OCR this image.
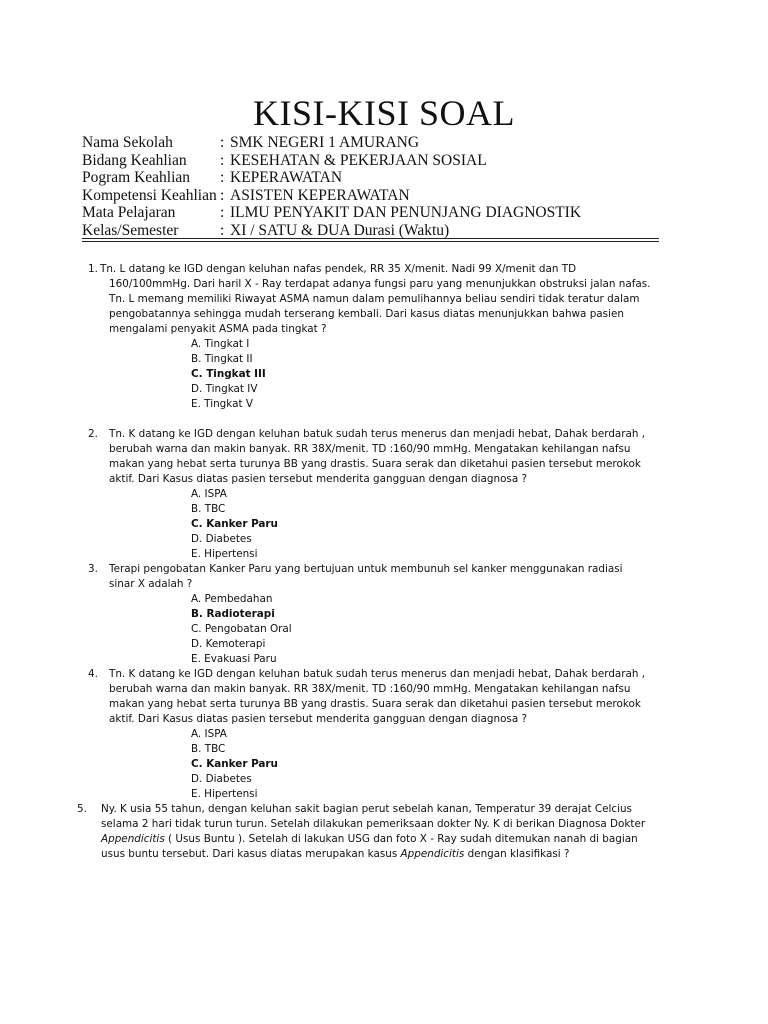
KISI-KISI SOAL
Nama Sekolah	: SMK NEGERI 1 AMURANG
Bidang Keahlian : KESEHATAN & PEKERJAAN SOSIAL
Pogram Keahlian : KEPERAWATAN
Kompetensi Keahlian : ASISTEN KEPERAWATAN
Mata Pelajaran	: ILMU PENYAKIT DAN PENUNJANG DIAGNOSTIK
Kelas/Semester	: XI / SATU & DUA Durasi (Waktu)
1. Tn. L datang ke IGD dengan keluhan nafas pendek, RR 35 X/menit. Nadi 99 X/menit dan TD
160/100mmHg. Dari haril X - Ray terdapat adanya fungsi paru yang menunjukkan obstruksi jalan nafas.
Tn. L memang memiliki Riwayat ASMA namun dalam pemulihannya beliau sendiri tidak teratur dalam
pengobatannya sehingga mudah terserang kembali. Dari kasus diatas menunjukkan bahwa pasien
mengalami penyakit ASMA pada tingkat ?
A. Tingkat I
B. Tingkat II
C. Tingkat III
D. Tingkat IV
E. Tingkat V
2. Tn. K datang ke IGD dengan keluhan batuk sudah terus menerus dan menjadi hebat, Dahak berdarah ,
berubah warna dan makin banyak. RR 38X/menit. TD :160/90 mmHg. Mengatakan kehilangan nafsu
makan yang hebat serta turunya BB yang drastis. Suara serak dan diketahui pasien tersebut merokok
aktif. Dari Kasus diatas pasien tersebut menderita gangguan dengan diagnosa ?
A. ISPA
B. TBC
C. Kanker Paru
D. Diabetes
E. Hipertensi
3. Terapi pengobatan Kanker Paru yang bertujuan untuk membunuh sel kanker menggunakan radiasi
sinar X adalah ?
A. Pembedahan
B. Radioterapi
C. Pengobatan Oral
D. Kemoterapi
E. Evakuasi Paru
4. Tn. K datang ke IGD dengan keluhan batuk sudah terus menerus dan menjadi hebat, Dahak berdarah ,
berubah warna dan makin banyak. RR 38X/menit. TD :160/90 mmHg. Mengatakan kehilangan nafsu
makan yang hebat serta turunya BB yang drastis. Suara serak dan diketahui pasien tersebut merokok
aktif. Dari Kasus diatas pasien tersebut menderita gangguan dengan diagnosa ?
A. ISPA
B. TBC
C. Kanker Paru
D. Diabetes
E. Hipertensi
5. Ny. K usia 55 tahun, dengan keluhan sakit bagian perut sebelah kanan, Temperatur 39 derajat Celcius
selama 2 hari tidak turun turun. Setelah dilakukan pemeriksaan dokter Ny. K di berikan Diagnosa Dokter
Appendicitis ( Usus Buntu ). Setelah di lakukan USG dan foto X - Ray sudah ditemukan nanah di bagian
usus buntu tersebut. Dari kasus diatas merupakan kasus Appendicitis dengan klasifikasi ?
